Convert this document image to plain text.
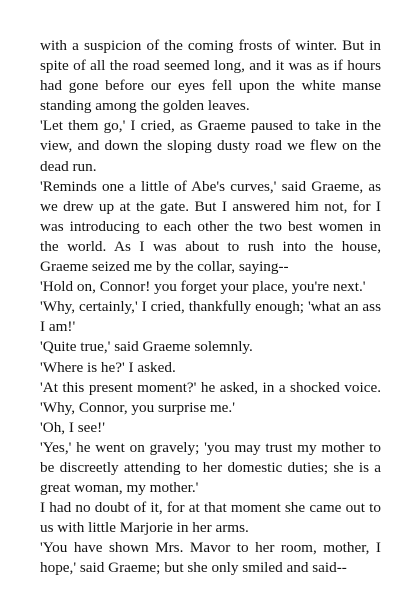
with a suspicion of the coming frosts of winter. But in spite of all the road seemed long, and it was as if hours had gone before our eyes fell upon the white manse standing among the golden leaves.

'Let them go,' I cried, as Graeme paused to take in the view, and down the sloping dusty road we flew on the dead run.

'Reminds one a little of Abe's curves,' said Graeme, as we drew up at the gate. But I answered him not, for I was introducing to each other the two best women in the world. As I was about to rush into the house, Graeme seized me by the collar, saying--

'Hold on, Connor! you forget your place, you're next.'

'Why, certainly,' I cried, thankfully enough; 'what an ass I am!'

'Quite true,' said Graeme solemnly.

'Where is he?' I asked.

'At this present moment?' he asked, in a shocked voice. 'Why, Connor, you surprise me.'

'Oh, I see!'

'Yes,' he went on gravely; 'you may trust my mother to be discreetly attending to her domestic duties; she is a great woman, my mother.'

I had no doubt of it, for at that moment she came out to us with little Marjorie in her arms.

'You have shown Mrs. Mavor to her room, mother, I hope,' said Graeme; but she only smiled and said--
